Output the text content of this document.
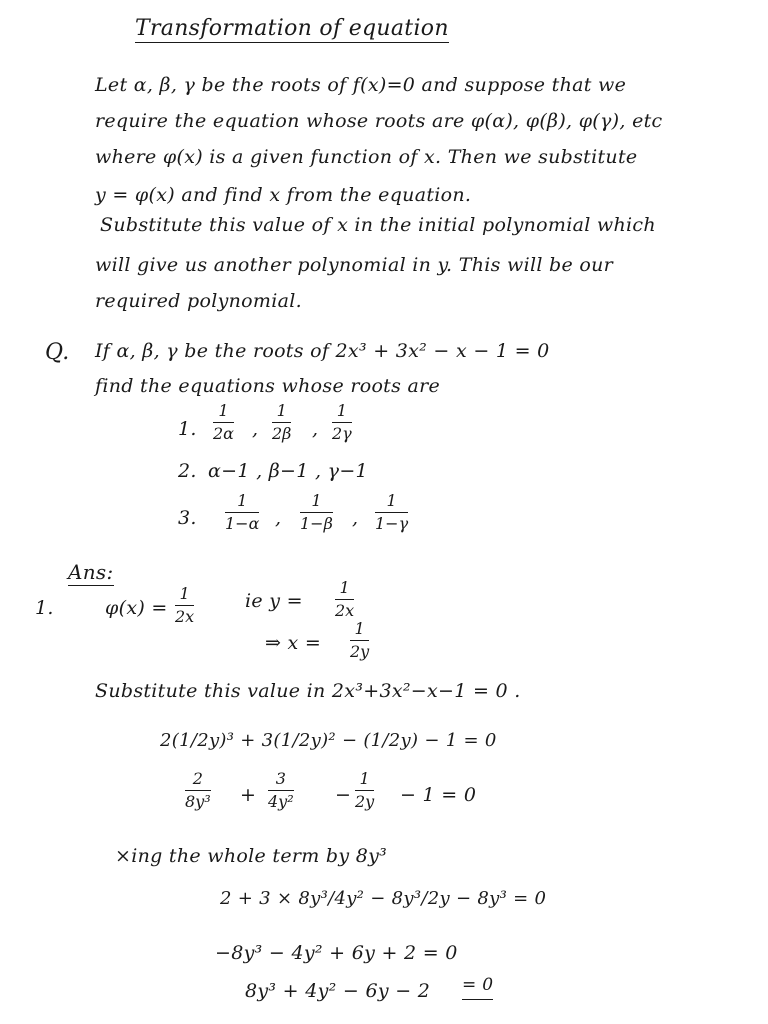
Transformation of equation
Let α, β, γ be the roots of f(x)=0 and suppose that we
require the equation whose roots are φ(α), φ(β), φ(γ), etc
where φ(x) is a given function of x. Then we substitute
y = φ(x) and find x from the equation.
Substitute this value of x in the initial polynomial which
will give us another polynomial in y. This will be our
required polynomial.
Q. If α, β, γ be the roots of 2x³ + 3x² − x − 1 = 0
find the equations whose roots are
1.
1
2α ,
1
2β ,
1
2γ
2. α−1 , β−1 , γ−1
3.
1
1−α ,
1
1−β ,
1
1−γ
Ans:
1.	φ(x) =
1
2x
ie y =
1
2x
⇒ x =
1
2y
Substitute this value in 2x³+3x²−x−1 = 0 .
2(1/2y)³ + 3(1/2y)² − (1/2y) − 1 = 0
2
8y³ +
3
4y² −
1
2y − 1 = 0
×ing the whole term by 8y³
2 + 3 × 8y³/4y² − 8y³/2y − 8y³ = 0
−8y³ − 4y² + 6y + 2 = 0
8y³ + 4y² − 6y − 2 = 0
